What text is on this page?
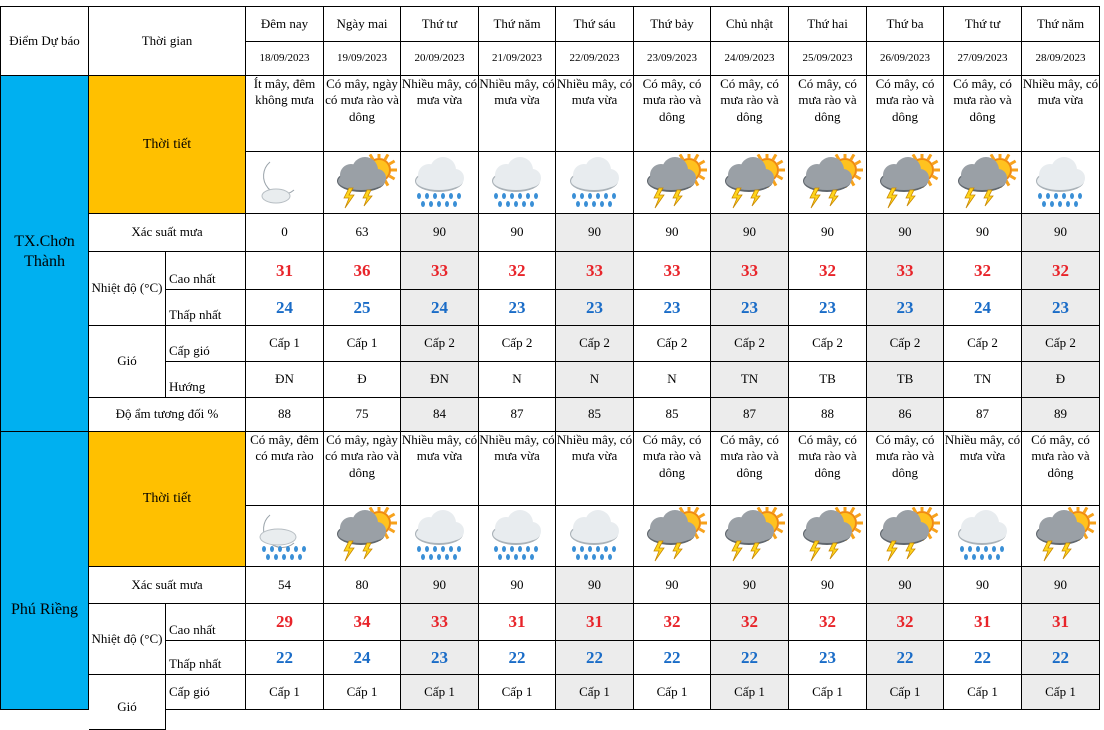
Điểm Dự báo	Thời gian
Đêm nay
18/09/2023
Ngày mai
19/09/2023
Thứ tư
20/09/2023
Thứ năm
21/09/2023
Thứ sáu
22/09/2023
Thứ bảy
23/09/2023
Chủ nhật
24/09/2023
Thứ hai
25/09/2023
Thứ ba
26/09/2023
Thứ tư
27/09/2023
Thứ năm
28/09/2023
TX.Chơn Thành
Thời tiết
Xác suất mưa
Nhiệt độ (°C)
Cao nhất
Thấp nhất
Gió
Cấp gió
Hướng
Độ ẩm tương đối %
Ít mây, đêm không mưa
0
31
24
Cấp 1
ĐN
88
Có mây, ngày có mưa rào và dông
63
36
25
Cấp 1
Đ
75
Nhiều mây, có mưa vừa
90
33
24
Cấp 2
ĐN
84
Nhiều mây, có mưa vừa
90
32
23
Cấp 2
N
87
Nhiều mây, có mưa vừa
90
33
23
Cấp 2
N
85
Có mây, có mưa rào và dông
90
33
23
Cấp 2
N
85
Có mây, có mưa rào và dông
90
33
23
Cấp 2
TN
87
Có mây, có mưa rào và dông
90
32
23
Cấp 2
TB
88
Có mây, có mưa rào và dông
90
33
23
Cấp 2
TB
86
Có mây, có mưa rào và dông
90
32
24
Cấp 2
TN
87
Nhiều mây, có mưa vừa
90
32
23
Cấp 2
Đ
89
Phú Riềng
Thời tiết
Xác suất mưa
Nhiệt độ (°C)
Cao nhất
Thấp nhất
Gió
Cấp gió
Có mây, đêm có mưa rào
54
29
22
Cấp 1
Có mây, ngày có mưa rào và dông
80
34
24
Cấp 1
Nhiều mây, có mưa vừa
90
33
23
Cấp 1
Nhiều mây, có mưa vừa
90
31
22
Cấp 1
Nhiều mây, có mưa vừa
90
31
22
Cấp 1
Có mây, có mưa rào và dông
90
32
22
Cấp 1
Có mây, có mưa rào và dông
90
32
22
Cấp 1
Có mây, có mưa rào và dông
90
32
23
Cấp 1
Có mây, có mưa rào và dông
90
32
22
Cấp 1
Nhiều mây, có mưa vừa
90
31
22
Cấp 1
Có mây, có mưa rào và dông
90
31
22
Cấp 1
